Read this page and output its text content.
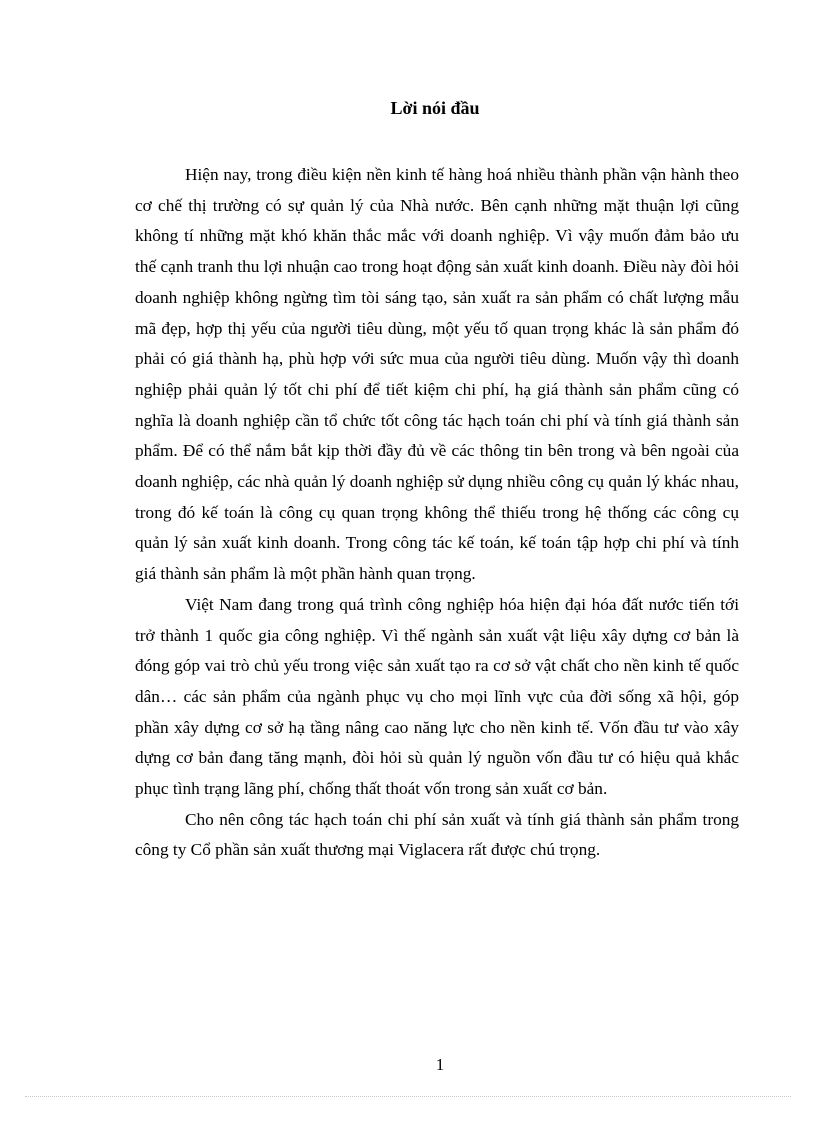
Lời nói đầu

Hiện nay, trong điều kiện nền kinh tế hàng hoá nhiều thành phần vận hành theo cơ chế thị trường có sự quản lý của Nhà nước. Bên cạnh những mặt thuận lợi cũng không tí những mặt khó khăn thắc mắc với doanh nghiệp. Vì vậy muốn đảm bảo ưu thế cạnh tranh thu lợi nhuận cao trong hoạt động sản xuất kinh doanh. Điều này đòi hỏi doanh nghiệp không ngừng tìm tòi sáng tạo, sản xuất ra sản phẩm có chất lượng mẫu mã đẹp, hợp thị yếu của người tiêu dùng, một yếu tố quan trọng khác là sản phẩm đó phải có giá thành hạ, phù hợp với sức mua của người tiêu dùng. Muốn vậy thì doanh nghiệp phải quản lý tốt chi phí để tiết kiệm chi phí, hạ giá thành sản phẩm cũng có nghĩa là doanh nghiệp cần tổ chức tốt công tác hạch toán chi phí và tính giá thành sản phẩm. Để có thể nắm bắt kịp thời đầy đủ về các thông tin bên trong và bên ngoài của doanh nghiệp, các nhà quản lý doanh nghiệp sử dụng nhiều công cụ quản lý khác nhau, trong đó kế toán là công cụ quan trọng không thể thiếu trong hệ thống các công cụ quản lý sản xuất kinh doanh. Trong công tác kế toán, kế toán tập hợp chi phí và tính giá thành sản phẩm là một phần hành quan trọng.

Việt Nam đang trong quá trình công nghiệp hóa hiện đại hóa đất nước tiến tới trở thành 1 quốc gia công nghiệp. Vì thế ngành sản xuất vật liệu xây dựng cơ bản là đóng góp vai trò chủ yếu trong việc sản xuất tạo ra cơ sở vật chất cho nền kinh tế quốc dân… các sản phẩm của ngành phục vụ cho mọi lĩnh vực của đời sống xã hội, góp phần xây dựng cơ sở hạ tầng nâng cao năng lực cho nền kinh tế. Vốn đầu tư vào xây dựng cơ bản đang tăng mạnh, đòi hỏi sù quản lý nguồn vốn đầu tư có hiệu quả khắc phục tình trạng lãng phí, chống thất thoát vốn trong sản xuất cơ bản.

Cho nên công tác hạch toán chi phí sản xuất và tính giá thành sản phẩm trong công ty Cổ phần sản xuất thương mại Viglacera rất được chú trọng.

1
